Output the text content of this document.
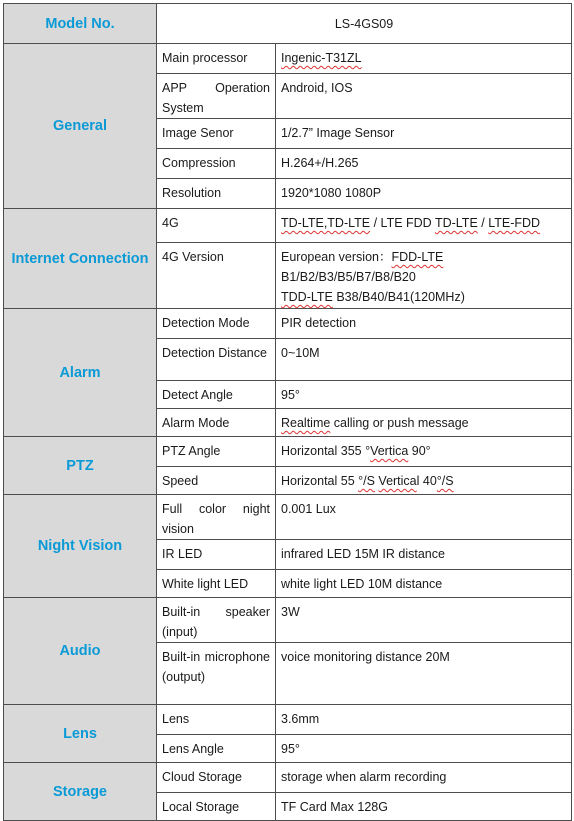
Model No.	LS-4GS09	
General	Main processor	Ingenic-T31ZL
	APP Operation System	Android, IOS
	Image Senor	1/2.7” Image Sensor
	Compression	H.264+/H.265
	Resolution	1920*1080 1080P
Internet Connection	4G	TD-LTE,TD-LTE / LTE FDD TD-LTE / LTE-FDD
	4G Version	European version：FDD-LTE
B1/B2/B3/B5/B7/B8/B20
TDD-LTE B38/B40/B41(120MHz)

Alarm	Detection Mode	PIR detection
	Detection Distance	0~10M
	Detect Angle	95°
	Alarm Mode	Realtime calling or push message
PTZ	PTZ Angle	Horizontal 355 °Vertica 90°
	Speed	Horizontal 55 °/S Vertical 40°/S
Night Vision	Full color night vision	0.001 Lux
	IR LED	infrared LED 15M IR distance
	White light LED	white light LED 10M distance
Audio	Built-in speaker (input)	3W
	Built-in microphone (output)	voice monitoring distance 20M
Lens	Lens	3.6mm
	Lens Angle	95°
Storage	Cloud Storage	storage when alarm recording
	Local Storage	TF Card Max 128G
